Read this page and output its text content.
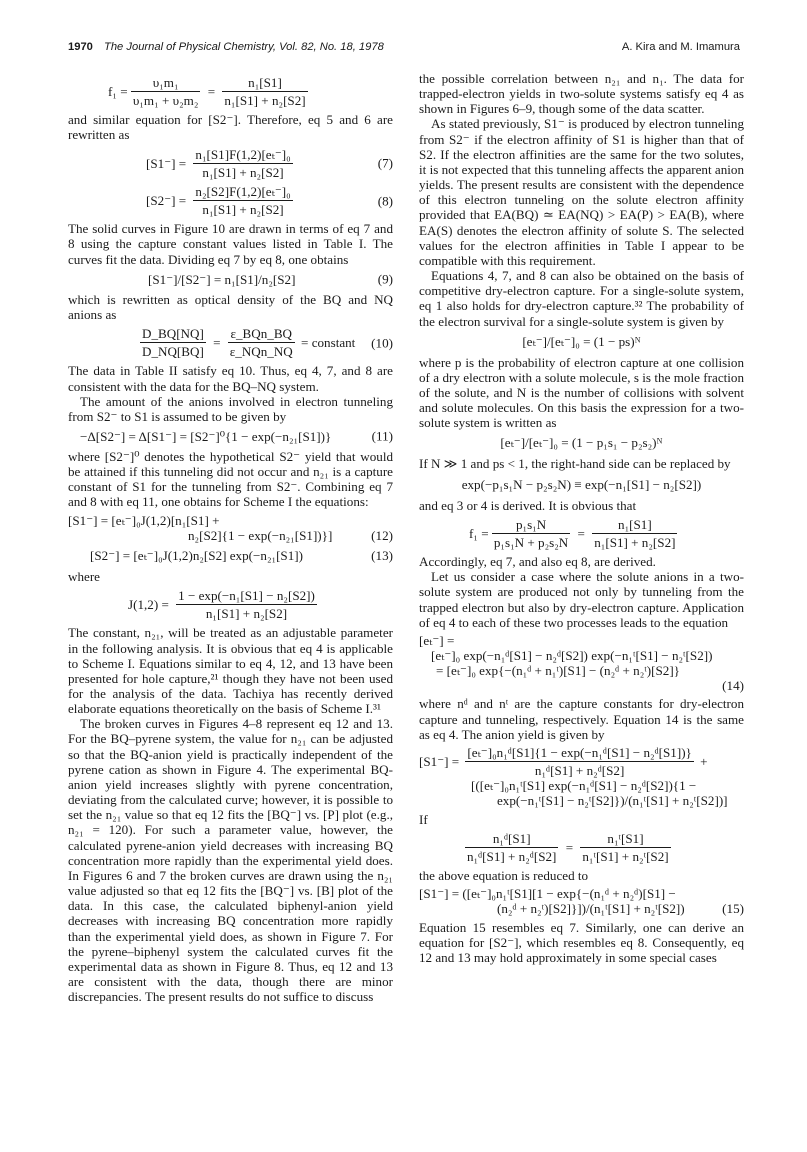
1970 The Journal of Physical Chemistry, Vol. 82, No. 18, 1978	A. Kira and M. Imamura
$f_1 = \frac{\text{υ₁m₁}}{\text{υ₁m₁ + υ₂m₂}} = \frac{\text{n₁[S1]}}{\text{n₁[S1] + n₂[S2]}}$

and similar equation for [S2⁻]. Therefore, eq 5 and 6 are rewritten as

$[S1^-] = \frac{\text{n₁[S1]F(1,2)[eₜ⁻]₀}}{\text{n₁[S1] + n₂[S2]}}$	(7)
$[S2^-] = \frac{\text{n₂[S2]F(1,2)[eₜ⁻]₀}}{\text{n₁[S1] + n₂[S2]}}$	(8)

The solid curves in Figure 10 are drawn in terms of eq 7 and 8 using the capture constant values listed in Table I. The curves fit the data. Dividing eq 7 by eq 8, one obtains

[S1⁻]/[S2⁻] = n₁[S1]/n₂[S2]	(9)

which is rewritten as optical density of the BQ and NQ anions as

$\frac{D\_BQ[NQ]}{D\_NQ[BQ]}$ =
ε_BQn_BQ
ε_NQn_NQ
= constant (10)

The data in Table II satisfy eq 10. Thus, eq 4, 7, and 8 are consistent with the data for the BQ–NQ system.

The amount of the anions involved in electron tunneling from S2⁻ to S1 is assumed to be given by

−Δ[S2⁻] = Δ[S1⁻] = [S2⁻]⁰{1 − exp(−n₂₁[S1])}	(11)

where [S2⁻]⁰ denotes the hypothetical S2⁻ yield that would be attained if this tunneling did not occur and n₂₁ is a capture constant of S1 for the tunneling from S2⁻. Combining eq 7 and 8 with eq 11, one obtains for Scheme I the equations:

[S1⁻] = [eₜ⁻]₀J(1,2)[n₁[S1] +
n₂[S2]{1 − exp(−n₂₁[S1])}]	(12)
[S2⁻] = [eₜ⁻]₀J(1,2)n₂[S2] exp(−n₂₁[S1])	(13)

where

$J(1,2) = \frac{\text{1 − exp(−n₁[S1] − n₂[S2])}}{\text{n₁[S1] + n₂[S2]}}$

The constant, n₂₁, will be treated as an adjustable parameter in the following analysis. It is obvious that eq 4 is applicable to Scheme I. Equations similar to eq 4, 12, and 13 have been presented for hole capture,²¹ though they have not been used for the analysis of the data. Tachiya has recently derived elaborate equations theoretically on the basis of Scheme I.³¹

The broken curves in Figures 4–8 represent eq 12 and 13. For the BQ–pyrene system, the value for n₂₁ can be adjusted so that the BQ-anion yield is practically independent of the pyrene cation as shown in Figure 4. The experimental BQ-anion yield increases slightly with pyrene concentration, deviating from the calculated curve; however, it is possible to set the n₂₁ value so that eq 12 fits the [BQ⁻] vs. [P] plot (e.g., n₂₁ = 120). For such a parameter value, however, the calculated pyrene-anion yield decreases with increasing BQ concentration more rapidly than the experimental yield does. In Figures 6 and 7 the broken curves are drawn using the n₂₁ value adjusted so that eq 12 fits the [BQ⁻] vs. [B] plot of the data. In this case, the calculated biphenyl-anion yield decreases with increasing BQ concentration more rapidly than the experimental yield does, as shown in Figure 7. For the pyrene–biphenyl system the calculated curves fit the experimental data as shown in Figure 8. Thus, eq 12 and 13 are consistent with the data, though there are minor discrepancies. The present results do not suffice to discuss

the possible correlation between n₂₁ and n₁. The data for trapped-electron yields in two-solute systems satisfy eq 4 as shown in Figures 6–9, though some of the data scatter.

As stated previously, S1⁻ is produced by electron tunneling from S2⁻ if the electron affinity of S1 is higher than that of S2. If the electron affinities are the same for the two solutes, it is not expected that this tunneling affects the apparent anion yields. The present results are consistent with the dependence of this electron tunneling on the solute electron affinity provided that EA(BQ) ≃ EA(NQ) > EA(P) > EA(B), where EA(S) denotes the electron affinity of solute S. The selected values for the electron affinities in Table I appear to be compatible with this requirement.

Equations 4, 7, and 8 can also be obtained on the basis of competitive dry-electron capture. For a single-solute system, eq 1 also holds for dry-electron capture.³² The probability of the electron survival for a single-solute system is given by

[eₜ⁻]/[eₜ⁻]₀ = (1 − ps)ᴺ

where p is the probability of electron capture at one collision of a dry electron with a solute molecule, s is the mole fraction of the solute, and N is the number of collisions with solvent and solute molecules. On this basis the expression for a two-solute system is written as

[eₜ⁻]/[eₜ⁻]₀ = (1 − p₁s₁ − p₂s₂)ᴺ

If N ≫ 1 and ps < 1, the right-hand side can be replaced by

exp(−p₁s₁N − p₂s₂N) ≡ exp(−n₁[S1] − n₂[S2])

and eq 3 or 4 is derived. It is obvious that

$f_1 = \frac{\text{p₁s₁N}}{\text{p₁s₁N + p₂s₂N}} = \frac{\text{n₁[S1]}}{\text{n₁[S1] + n₂[S2]}}$

Accordingly, eq 7, and also eq 8, are derived.

Let us consider a case where the solute anions in a two-solute system are produced not only by tunneling from the trapped electron but also by dry-electron capture. Application of eq 4 to each of these two processes leads to the equation

[eₜ⁻] =
[eₜ⁻]₀ exp(−n₁ᵈ[S1] − n₂ᵈ[S2]) exp(−n₁ᵗ[S1] − n₂ᵗ[S2])
= [eₜ⁻]₀ exp{−(n₁ᵈ + n₁ᵗ)[S1] − (n₂ᵈ + n₂ᵗ)[S2]}
(14)

where nᵈ and nᵗ are the capture constants for dry-electron capture and tunneling, respectively. Equation 14 is the same as eq 4. The anion yield is given by

$[S1^-] = \frac{\text{[eₜ⁻]₀n₁ᵈ[S1]\{1 − exp(−n₁ᵈ[S1] − n₂ᵈ[S1])\}}}{\text{n₁ᵈ[S1] + n₂ᵈ[S2]}}$ +
[([eₜ⁻]₀n₁ᵗ[S1] exp(−n₁ᵈ[S1] − n₂ᵈ[S2]){1 −
exp(−n₁ᵗ[S1] − n₂ᵗ[S2]})/(n₁ᵗ[S1] + n₂ᵗ[S2])]

If

$\frac{\text{n₁ᵈ[S1]}}{\text{n₁ᵈ[S1] + n₂ᵈ[S2]}} = \frac{\text{n₁ᵗ[S1]}}{\text{n₁ᵗ[S1] + n₂ᵗ[S2]}}$

the above equation is reduced to

[S1⁻] = ([eₜ⁻]₀n₁ᵗ[S1][1 − exp{−(n₁ᵈ + n₂ᵈ)[S1] −
(n₂ᵈ + n₂ᵗ)[S2]}])/(n₁ᵗ[S1] + n₂ᵗ[S2])	(15)

Equation 15 resembles eq 7. Similarly, one can derive an equation for [S2⁻], which resembles eq 8. Consequently, eq 12 and 13 may hold approximately in some special cases
